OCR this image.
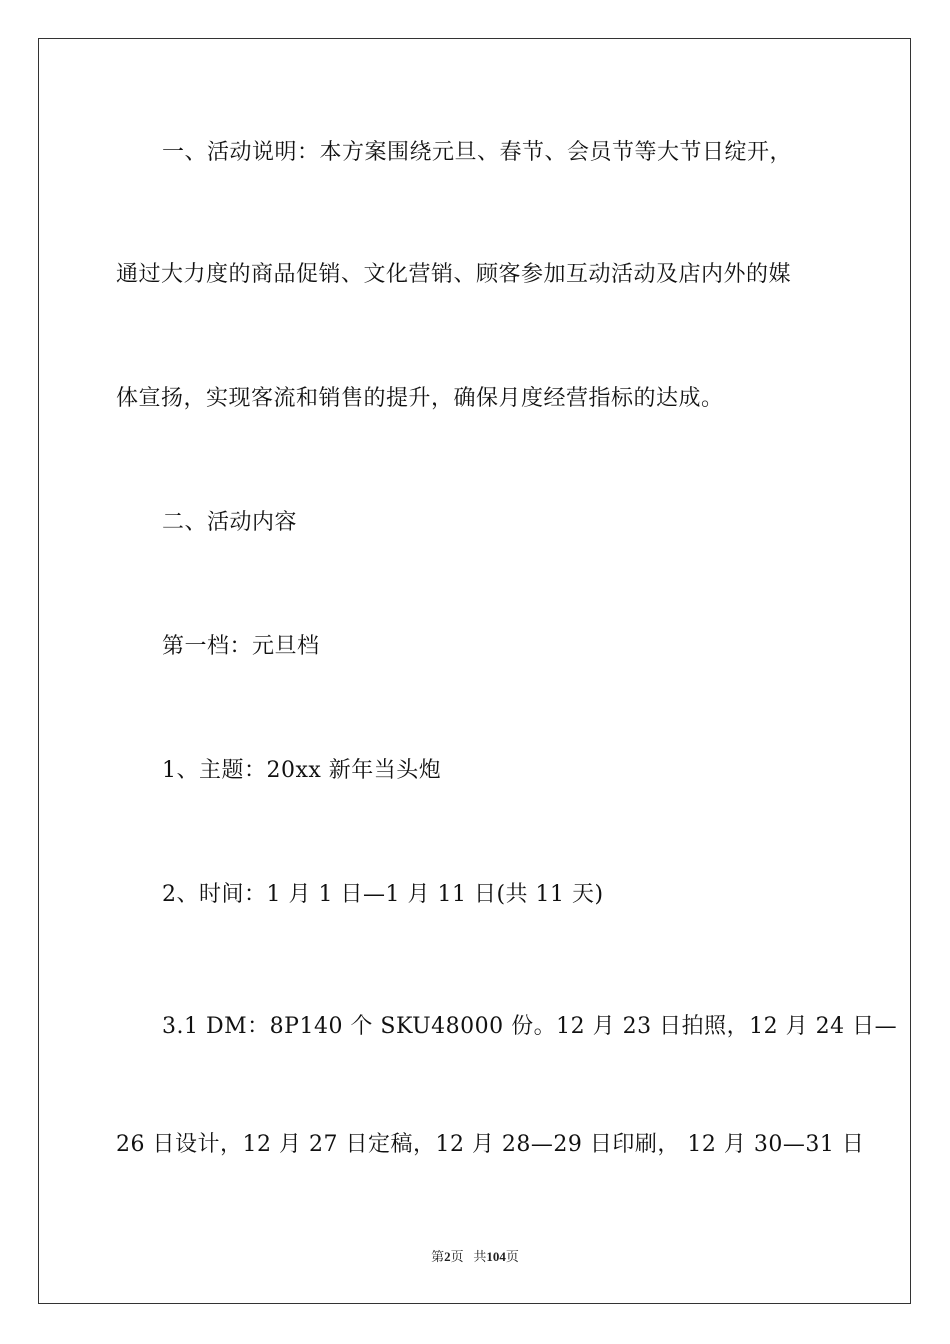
一、活动说明：本方案围绕元旦、春节、会员节等大节日绽开，
通过大力度的商品促销、文化营销、顾客参加互动活动及店内外的媒
体宣扬，实现客流和销售的提升，确保月度经营指标的达成。
二、活动内容
第一档：元旦档
1、主题：20xx 新年当头炮
2、时间：1 月 1 日—1 月 11 日(共 11 天)
3.1 DM：8P140 个 SKU48000 份。12 月 23 日拍照，12 月 24 日—
26 日设计，12 月 27 日定稿，12 月 28—29 日印刷， 12 月 30—31 日
第2页 共104页
